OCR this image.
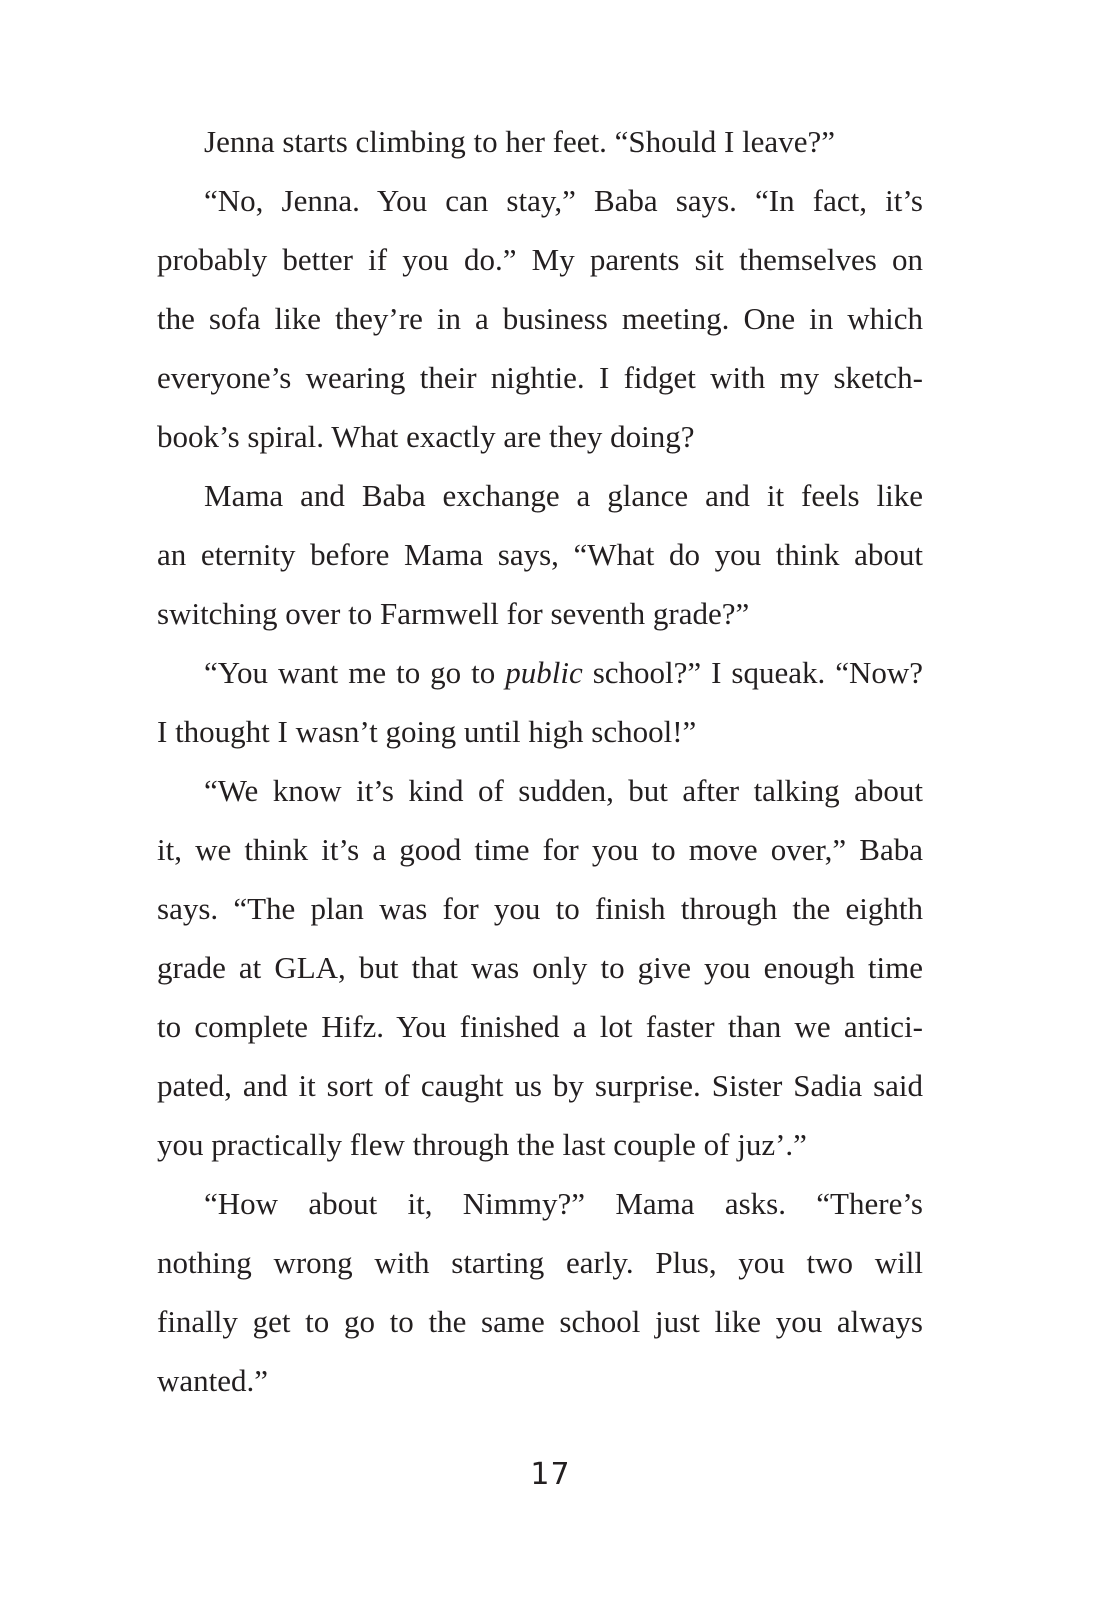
Jenna starts climbing to her feet. “Should I leave?”
“No, Jenna. You can stay,” Baba says. “In fact, it’s
probably better if you do.” My parents sit themselves on
the sofa like they’re in a business meeting. One in which
everyone’s wearing their nightie. I fidget with my sketch-
book’s spiral. What exactly are they doing?
Mama and Baba exchange a glance and it feels like
an eternity before Mama says, “What do you think about
switching over to Farmwell for seventh grade?”
“You want me to go to public school?” I squeak. “Now?
I thought I wasn’t going until high school!”
“We know it’s kind of sudden, but after talking about
it, we think it’s a good time for you to move over,” Baba
says. “The plan was for you to finish through the eighth
grade at GLA, but that was only to give you enough time
to complete Hifz. You finished a lot faster than we antici-
pated, and it sort of caught us by surprise. Sister Sadia said
you practically flew through the last couple of juz’.”
“How about it, Nimmy?” Mama asks. “There’s
nothing wrong with starting early. Plus, you two will
finally get to go to the same school just like you always
wanted.”
17
